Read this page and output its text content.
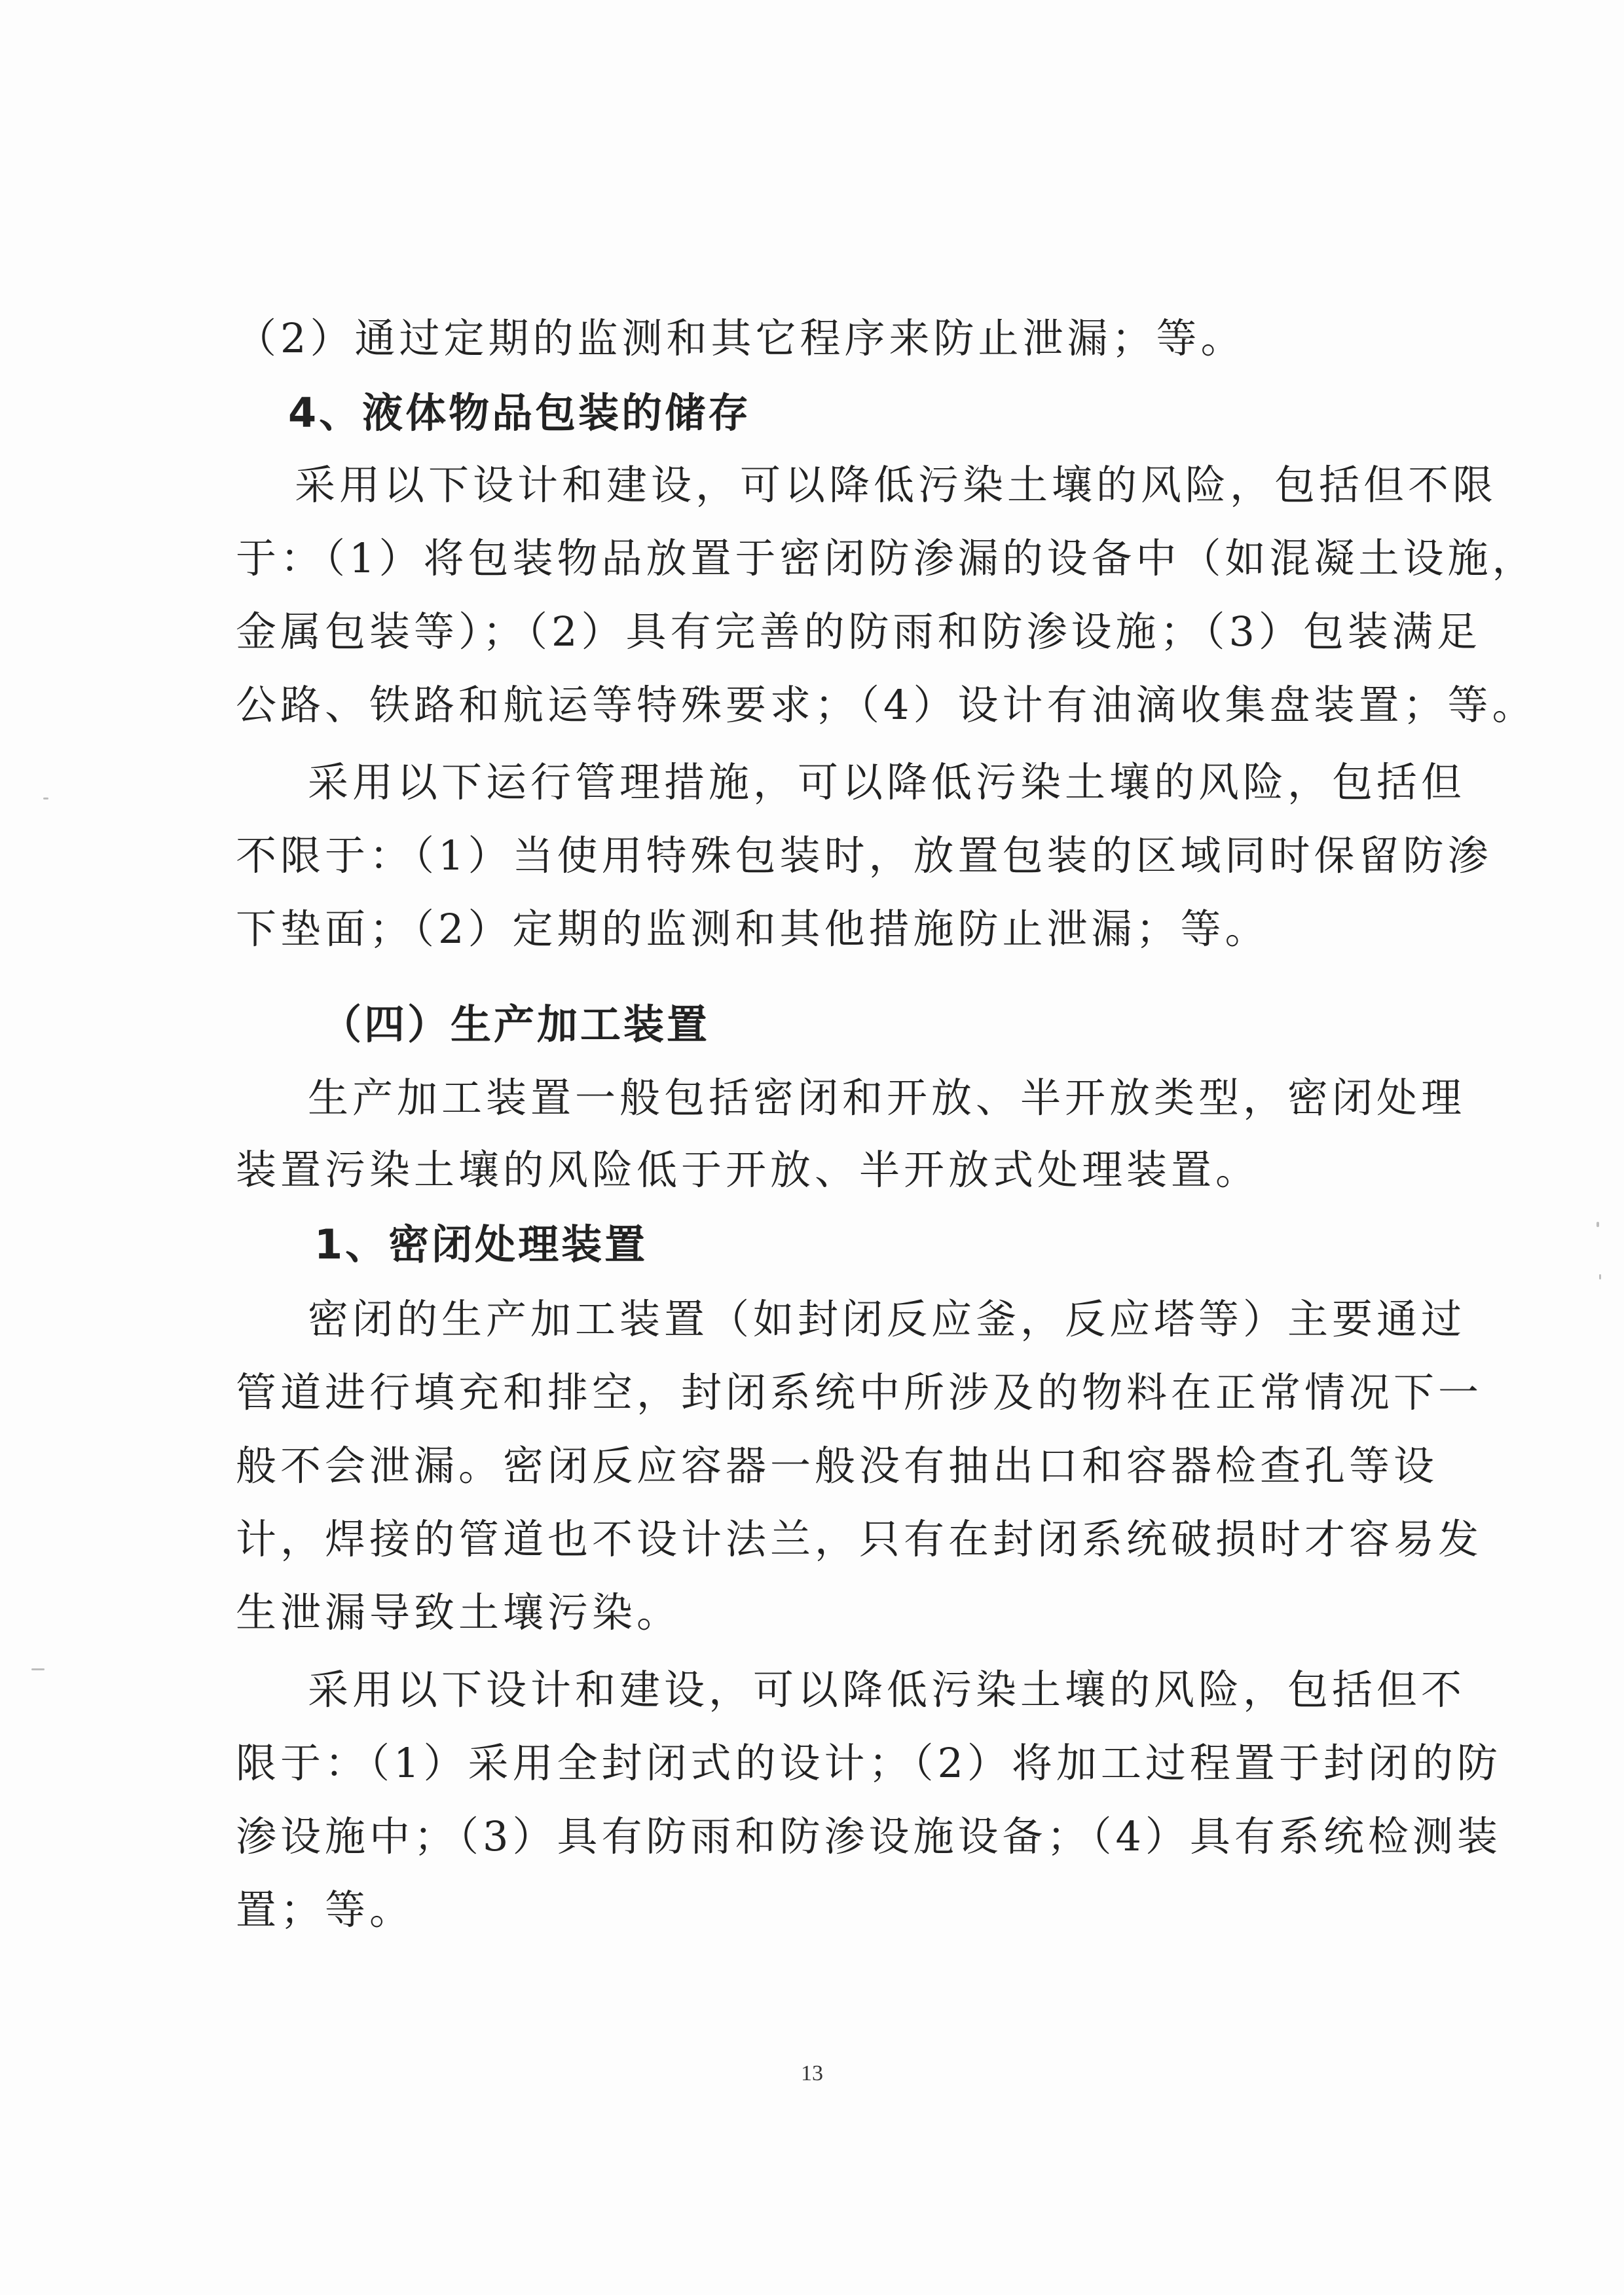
（2）通过定期的监测和其它程序来防止泄漏；等。
4、液体物品包装的储存
采用以下设计和建设，可以降低污染土壤的风险，包括但不限
于：（1）将包装物品放置于密闭防渗漏的设备中（如混凝土设施，
金属包装等）；（2）具有完善的防雨和防渗设施；（3）包装满足
公路、铁路和航运等特殊要求；（4）设计有油滴收集盘装置；等。
采用以下运行管理措施，可以降低污染土壤的风险，包括但
不限于：（1）当使用特殊包装时，放置包装的区域同时保留防渗
下垫面；（2）定期的监测和其他措施防止泄漏；等。
（四）生产加工装置
生产加工装置一般包括密闭和开放、半开放类型，密闭处理
装置污染土壤的风险低于开放、半开放式处理装置。
1、密闭处理装置
密闭的生产加工装置（如封闭反应釜，反应塔等）主要通过
管道进行填充和排空，封闭系统中所涉及的物料在正常情况下一
般不会泄漏。密闭反应容器一般没有抽出口和容器检查孔等设
计，焊接的管道也不设计法兰，只有在封闭系统破损时才容易发
生泄漏导致土壤污染。
采用以下设计和建设，可以降低污染土壤的风险，包括但不
限于：（1）采用全封闭式的设计；（2）将加工过程置于封闭的防
渗设施中；（3）具有防雨和防渗设施设备；（4）具有系统检测装
置；等。
13
